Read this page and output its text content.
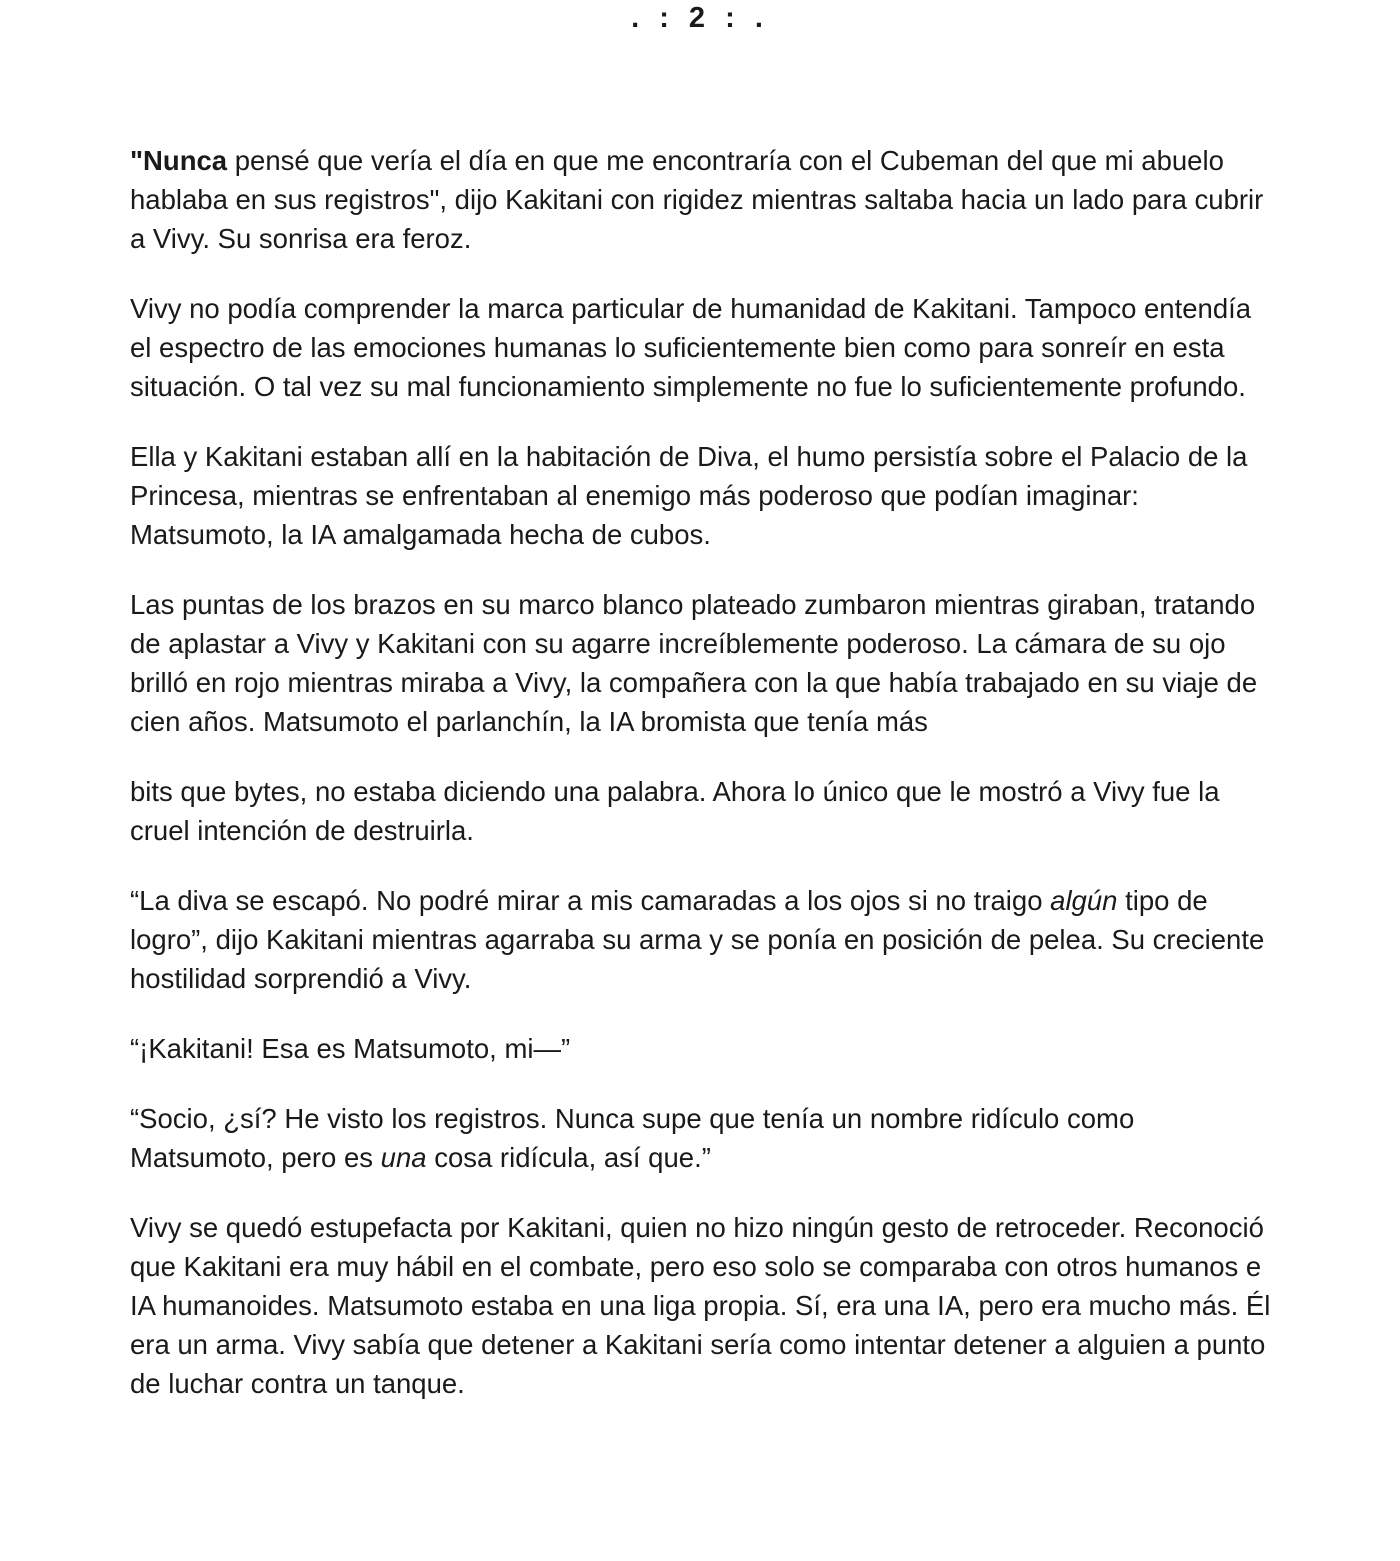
. : 2 : .

"Nunca pensé que vería el día en que me encontraría con el Cubeman del que mi abuelo hablaba en sus registros", dijo Kakitani con rigidez mientras saltaba hacia un lado para cubrir a Vivy. Su sonrisa era feroz.

Vivy no podía comprender la marca particular de humanidad de Kakitani. Tampoco entendía el espectro de las emociones humanas lo suficientemente bien como para sonreír en esta situación. O tal vez su mal funcionamiento simplemente no fue lo suficientemente profundo.

Ella y Kakitani estaban allí en la habitación de Diva, el humo persistía sobre el Palacio de la Princesa, mientras se enfrentaban al enemigo más poderoso que podían imaginar: Matsumoto, la IA amalgamada hecha de cubos.

Las puntas de los brazos en su marco blanco plateado zumbaron mientras giraban, tratando de aplastar a Vivy y Kakitani con su agarre increíblemente poderoso. La cámara de su ojo brilló en rojo mientras miraba a Vivy, la compañera con la que había trabajado en su viaje de cien años. Matsumoto el parlanchín, la IA bromista que tenía más

bits que bytes, no estaba diciendo una palabra. Ahora lo único que le mostró a Vivy fue la cruel intención de destruirla.

“La diva se escapó. No podré mirar a mis camaradas a los ojos si no traigo algún tipo de logro”, dijo Kakitani mientras agarraba su arma y se ponía en posición de pelea. Su creciente hostilidad sorprendió a Vivy.

“¡Kakitani! Esa es Matsumoto, mi—”

“Socio, ¿sí? He visto los registros. Nunca supe que tenía un nombre ridículo como Matsumoto, pero es una cosa ridícula, así que.”

Vivy se quedó estupefacta por Kakitani, quien no hizo ningún gesto de retroceder. Reconoció que Kakitani era muy hábil en el combate, pero eso solo se comparaba con otros humanos e IA humanoides. Matsumoto estaba en una liga propia. Sí, era una IA, pero era mucho más. Él era un arma. Vivy sabía que detener a Kakitani sería como intentar detener a alguien a punto de luchar contra un tanque.
